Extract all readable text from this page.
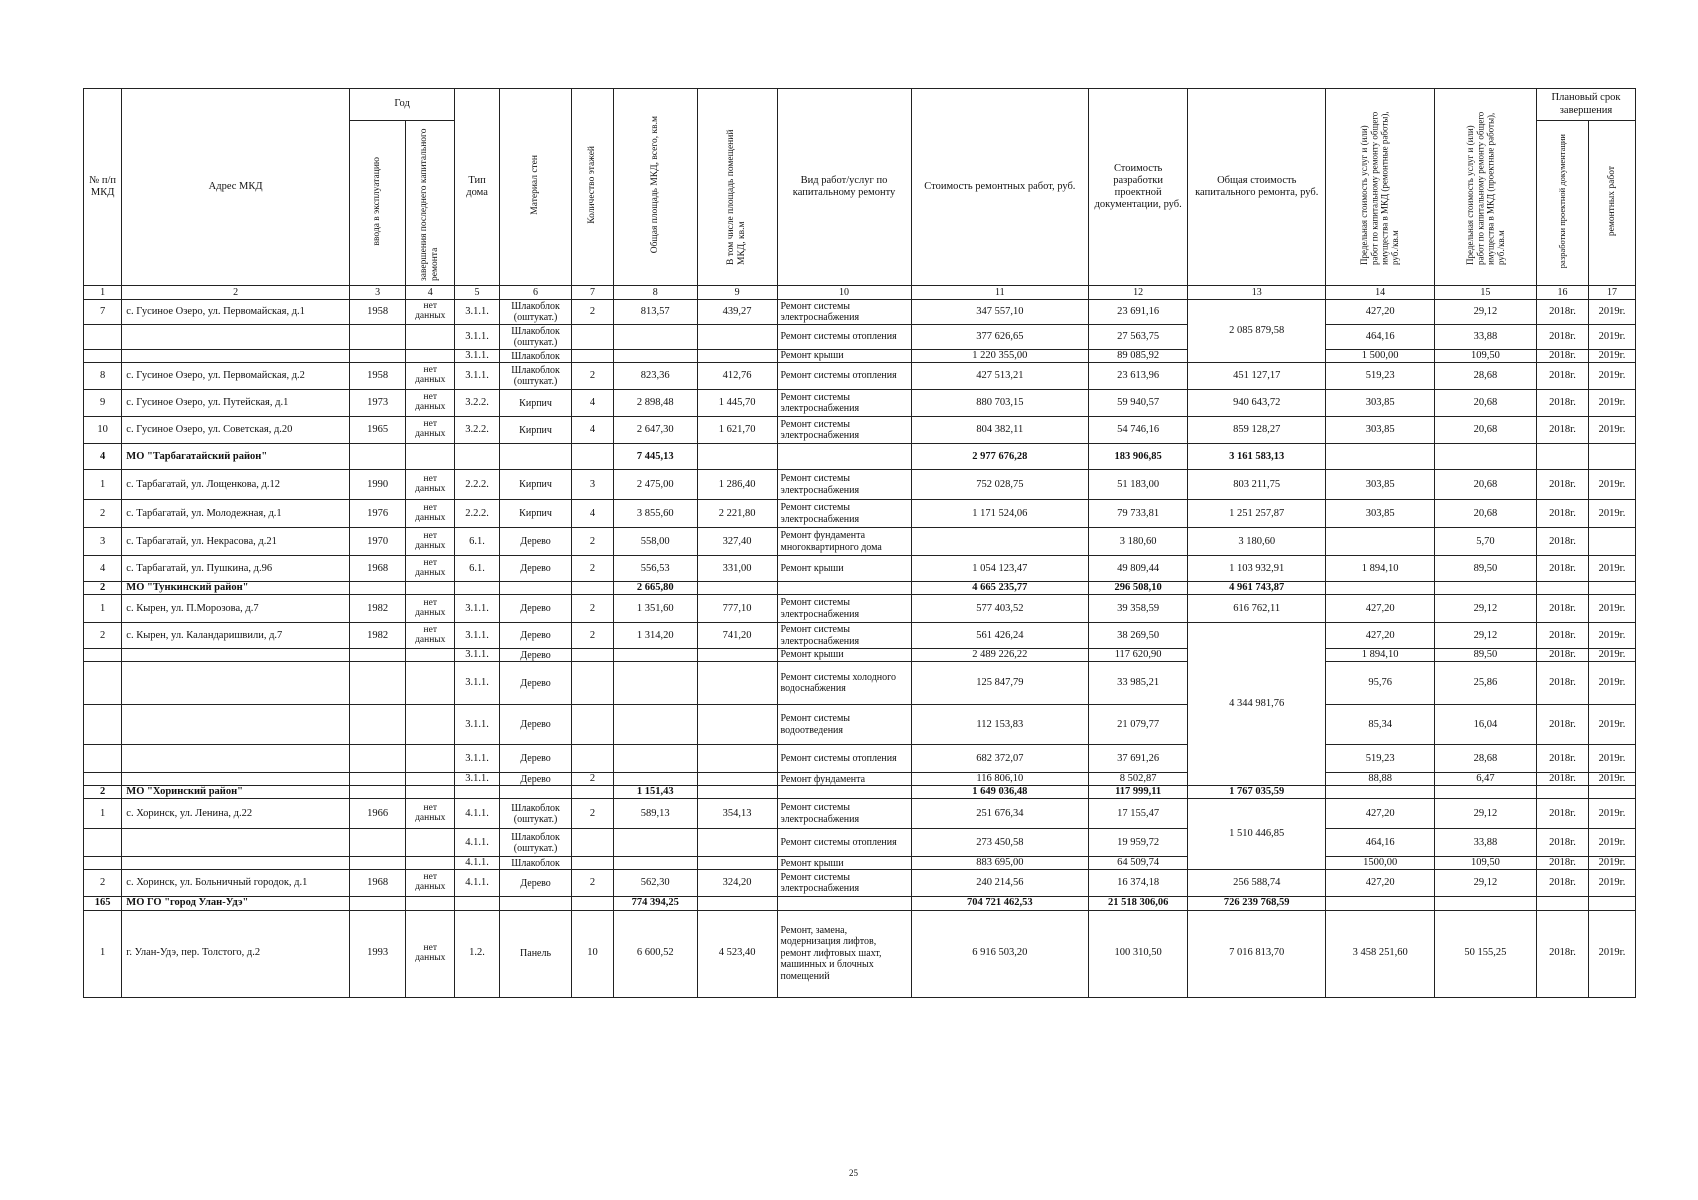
№ п/п МКД	Адрес МКД	Год		Тип дома	Материал стен	Количество этажей	Общая площадь МКД, всего, кв.м	В том числе площадь помещений МКД, кв.м	Вид работ/услуг по капитальному ремонту	Стоимость ремонтных работ, руб.	Стоимость разработки проектной документации, руб.	Общая стоимость капитального ремонта, руб.	Предельная стоимость услуг и (или) работ по капитальному ремонту общего имущества в МКД (ремонтные работы), руб./кв.м	Предельная стоимость услуг и (или) работ по капитальному ремонту общего имущества в МКД (проектные работы), руб./кв.м	Плановый срок завершения	
		ввода в эксплуатацию	завершения последнего капитального ремонта												разработки проектной документации	ремонтных работ
1	2	3	4	5	6	7	8	9	10	11	12	13	14	15	16	17
7	с. Гусиное Озеро, ул. Первомайская, д.1	1958	нет данных	3.1.1.	Шлакоблок (оштукат.)	2	813,57	439,27	Ремонт системы электроснабжения	347 557,10	23 691,16	2 085 879,58	427,20	29,12	2018г.	2019г.
				3.1.1.	Шлакоблок (оштукат.)				Ремонт системы отопления	377 626,65	27 563,75		464,16	33,88	2018г.	2019г.
				3.1.1.	Шлакоблок				Ремонт крыши	1 220 355,00	89 085,92		1 500,00	109,50	2018г.	2019г.
8	с. Гусиное Озеро, ул. Первомайская, д.2	1958	нет данных	3.1.1.	Шлакоблок (оштукат.)	2	823,36	412,76	Ремонт системы отопления	427 513,21	23 613,96	451 127,17	519,23	28,68	2018г.	2019г.
9	с. Гусиное Озеро, ул. Путейская, д.1	1973	нет данных	3.2.2.	Кирпич	4	2 898,48	1 445,70	Ремонт системы электроснабжения	880 703,15	59 940,57	940 643,72	303,85	20,68	2018г.	2019г.
10	с. Гусиное Озеро, ул. Советская, д.20	1965	нет данных	3.2.2.	Кирпич	4	2 647,30	1 621,70	Ремонт системы электроснабжения	804 382,11	54 746,16	859 128,27	303,85	20,68	2018г.	2019г.
4	МО "Тарбагатайский район"						7 445,13			2 977 676,28	183 906,85	3 161 583,13				
1	с. Тарбагатай, ул. Лощенкова, д.12	1990	нет данных	2.2.2.	Кирпич	3	2 475,00	1 286,40	Ремонт системы электроснабжения	752 028,75	51 183,00	803 211,75	303,85	20,68	2018г.	2019г.
2	с. Тарбагатай, ул. Молодежная, д.1	1976	нет данных	2.2.2.	Кирпич	4	3 855,60	2 221,80	Ремонт системы электроснабжения	1 171 524,06	79 733,81	1 251 257,87	303,85	20,68	2018г.	2019г.
3	с. Тарбагатай, ул. Некрасова, д.21	1970	нет данных	6.1.	Дерево	2	558,00	327,40	Ремонт фундамента многоквартирного дома		3 180,60	3 180,60		5,70	2018г.	
4	с. Тарбагатай, ул. Пушкина, д.96	1968	нет данных	6.1.	Дерево	2	556,53	331,00	Ремонт крыши	1 054 123,47	49 809,44	1 103 932,91	1 894,10	89,50	2018г.	2019г.
2	МО "Тункинский район"						2 665,80			4 665 235,77	296 508,10	4 961 743,87				
1	с. Кырен, ул. П.Морозова, д.7	1982	нет данных	3.1.1.	Дерево	2	1 351,60	777,10	Ремонт системы электроснабжения	577 403,52	39 358,59	616 762,11	427,20	29,12	2018г.	2019г.
2	с. Кырен, ул. Каландаришвили, д.7	1982	нет данных	3.1.1.	Дерево	2	1 314,20	741,20	Ремонт системы электроснабжения	561 426,24	38 269,50	4 344 981,76	427,20	29,12	2018г.	2019г.
				3.1.1.	Дерево				Ремонт крыши	2 489 226,22	117 620,90		1 894,10	89,50	2018г.	2019г.
				3.1.1.	Дерево				Ремонт системы холодного водоснабжения	125 847,79	33 985,21		95,76	25,86	2018г.	2019г.
				3.1.1.	Дерево				Ремонт системы водоотведения	112 153,83	21 079,77		85,34	16,04	2018г.	2019г.
				3.1.1.	Дерево				Ремонт системы отопления	682 372,07	37 691,26		519,23	28,68	2018г.	2019г.
				3.1.1.	Дерево	2			Ремонт фундамента	116 806,10	8 502,87		88,88	6,47	2018г.	2019г.
2	МО "Хоринский район"						1 151,43			1 649 036,48	117 999,11	1 767 035,59				
1	с. Хоринск, ул. Ленина, д.22	1966	нет данных	4.1.1.	Шлакоблок (оштукат.)	2	589,13	354,13	Ремонт системы электроснабжения	251 676,34	17 155,47	1 510 446,85	427,20	29,12	2018г.	2019г.
				4.1.1.	Шлакоблок (оштукат.)				Ремонт системы отопления	273 450,58	19 959,72		464,16	33,88	2018г.	2019г.
				4.1.1.	Шлакоблок				Ремонт крыши	883 695,00	64 509,74		1500,00	109,50	2018г.	2019г.
2	с. Хоринск, ул. Больничный городок, д.1	1968	нет данных	4.1.1.	Дерево	2	562,30	324,20	Ремонт системы электроснабжения	240 214,56	16 374,18	256 588,74	427,20	29,12	2018г.	2019г.
165	МО ГО "город Улан-Удэ"						774 394,25			704 721 462,53	21 518 306,06	726 239 768,59				
1	г. Улан-Удэ, пер. Толстого, д.2	1993	нет данных	1.2.	Панель	10	6 600,52	4 523,40	Ремонт, замена, модернизация лифтов, ремонт лифтовых шахт, машинных и блочных помещений	6 916 503,20	100 310,50	7 016 813,70	3 458 251,60	50 155,25	2018г.	2019г.
25
